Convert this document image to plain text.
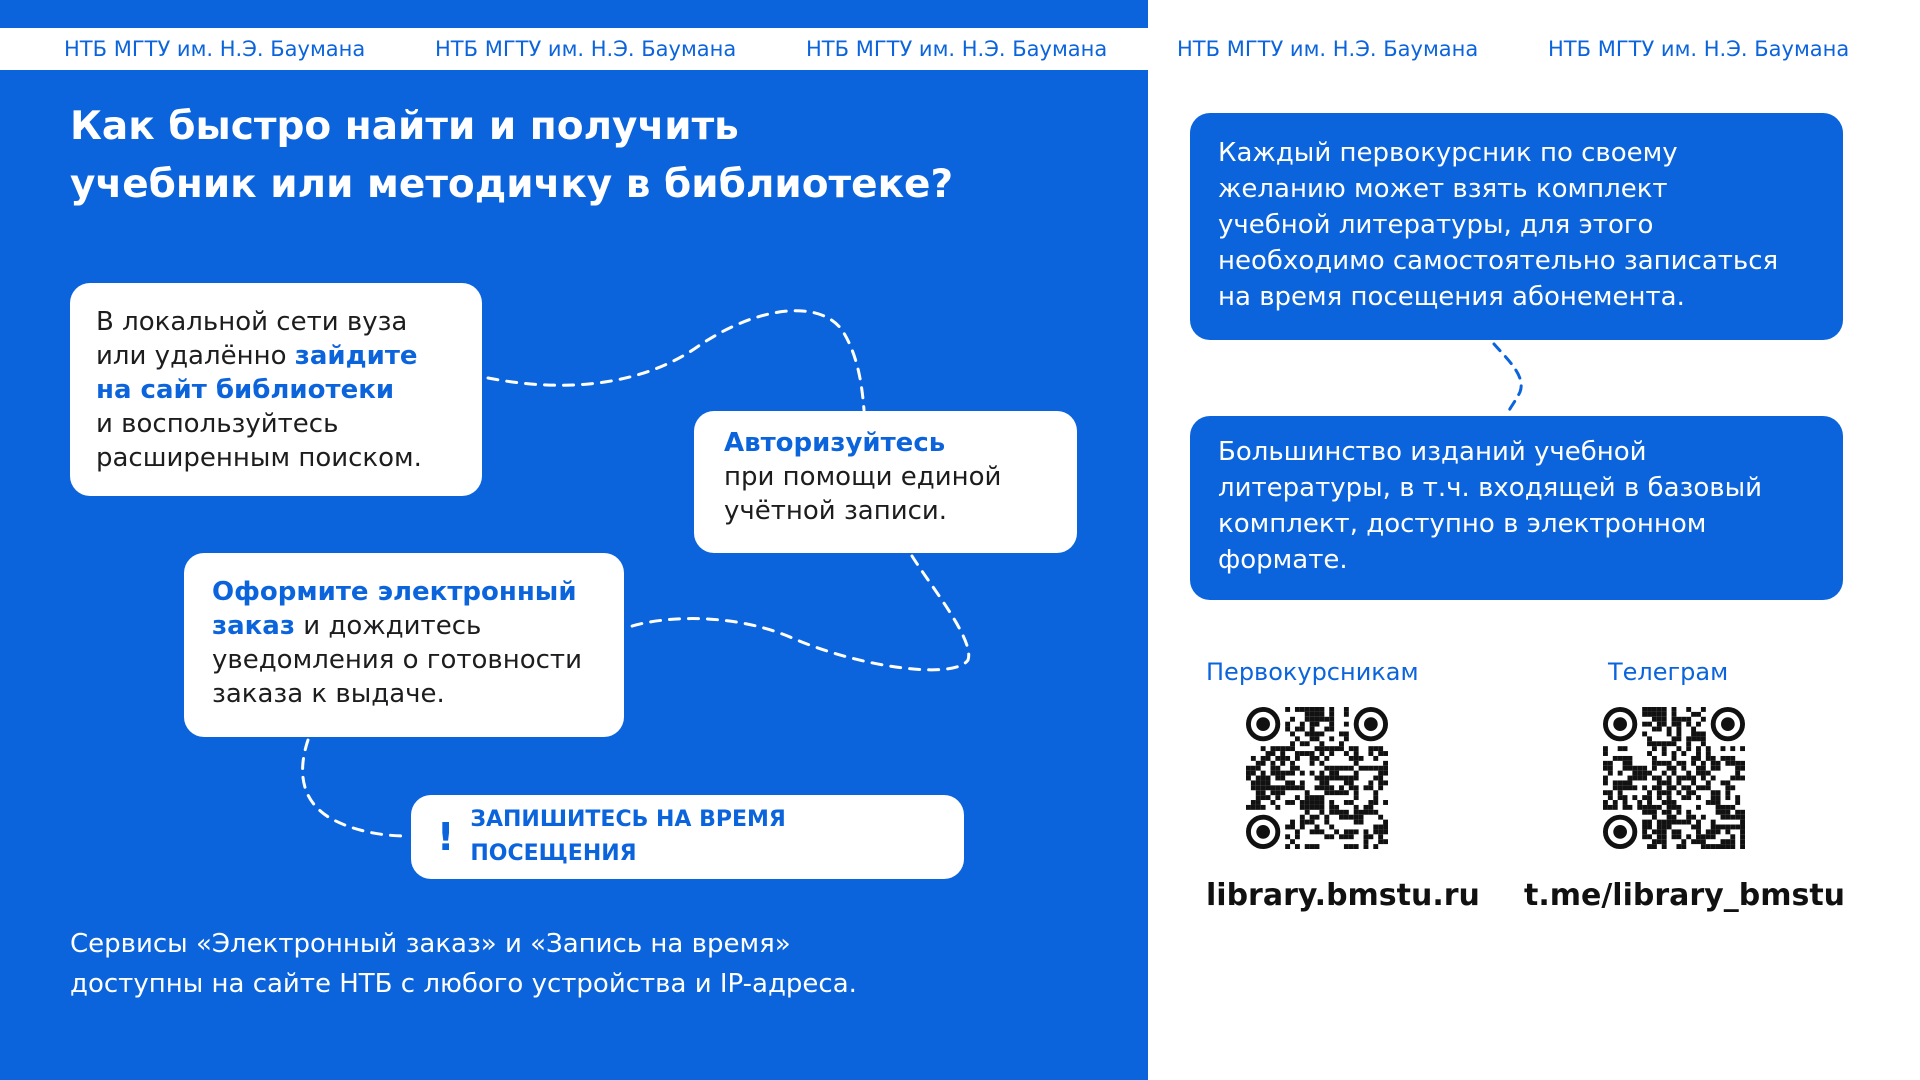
НТБ МГТУ им. Н.Э. Баумана	НТБ МГТУ им. Н.Э. Баумана	НТБ МГТУ им. Н.Э. Баумана	НТБ МГТУ им. Н.Э. Баумана	НТБ МГТУ им. Н.Э. Баумана
Как быстро найти и получить
учебник или методичку в библиотеке?
В локальной сети вуза
или удалённо зайдите
на сайт библиотеки
и воспользуйтесь
расширенным поиском.	Авторизуйтесь
при помощи единой
учётной записи.
Оформите электронный
заказ и дождитесь
уведомления о готовности
заказа к выдаче.
! ЗАПИШИТЕСЬ НА ВРЕМЯ ПОСЕЩЕНИЯ
Сервисы «Электронный заказ» и «Запись на время»
доступны на сайте НТБ с любого устройства и IP-адреса.
Каждый первокурсник по своему
желанию может взять комплект
учебной литературы, для этого
необходимо самостоятельно записаться
на время посещения абонемента.
Большинство изданий учебной
литературы, в т.ч. входящей в базовый
комплект, доступно в электронном
формате.
Первокурсникам	Телеграм
library.bmstu.ru t.me/library_bmstu
